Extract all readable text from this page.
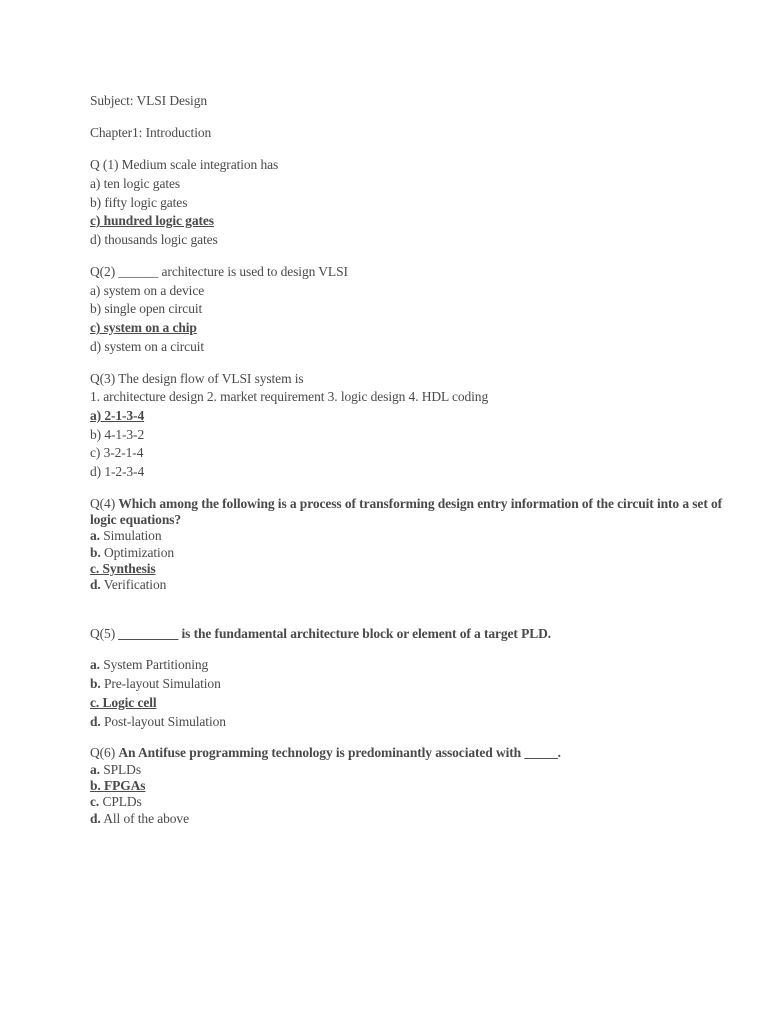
Subject: VLSI Design
Chapter1: Introduction
Q (1) Medium scale integration has
a) ten logic gates
b) fifty logic gates
c) hundred logic gates
d) thousands logic gates
Q(2) ______ architecture is used to design VLSI
a) system on a device
b) single open circuit
c) system on a chip
d) system on a circuit
Q(3) The design flow of VLSI system is
1. architecture design 2. market requirement 3. logic design 4. HDL coding
a) 2-1-3-4
b) 4-1-3-2
c) 3-2-1-4
d) 1-2-3-4
Q(4) Which among the following is a process of transforming design entry information of the circuit into a set of logic equations?
a. Simulation
b. Optimization
c. Synthesis
d. Verification
Q(5) _________ is the fundamental architecture block or element of a target PLD.
a. System Partitioning
b. Pre-layout Simulation
c. Logic cell
d. Post-layout Simulation
Q(6) An Antifuse programming technology is predominantly associated with _____.
a. SPLDs
b. FPGAs
c. CPLDs
d. All of the above
